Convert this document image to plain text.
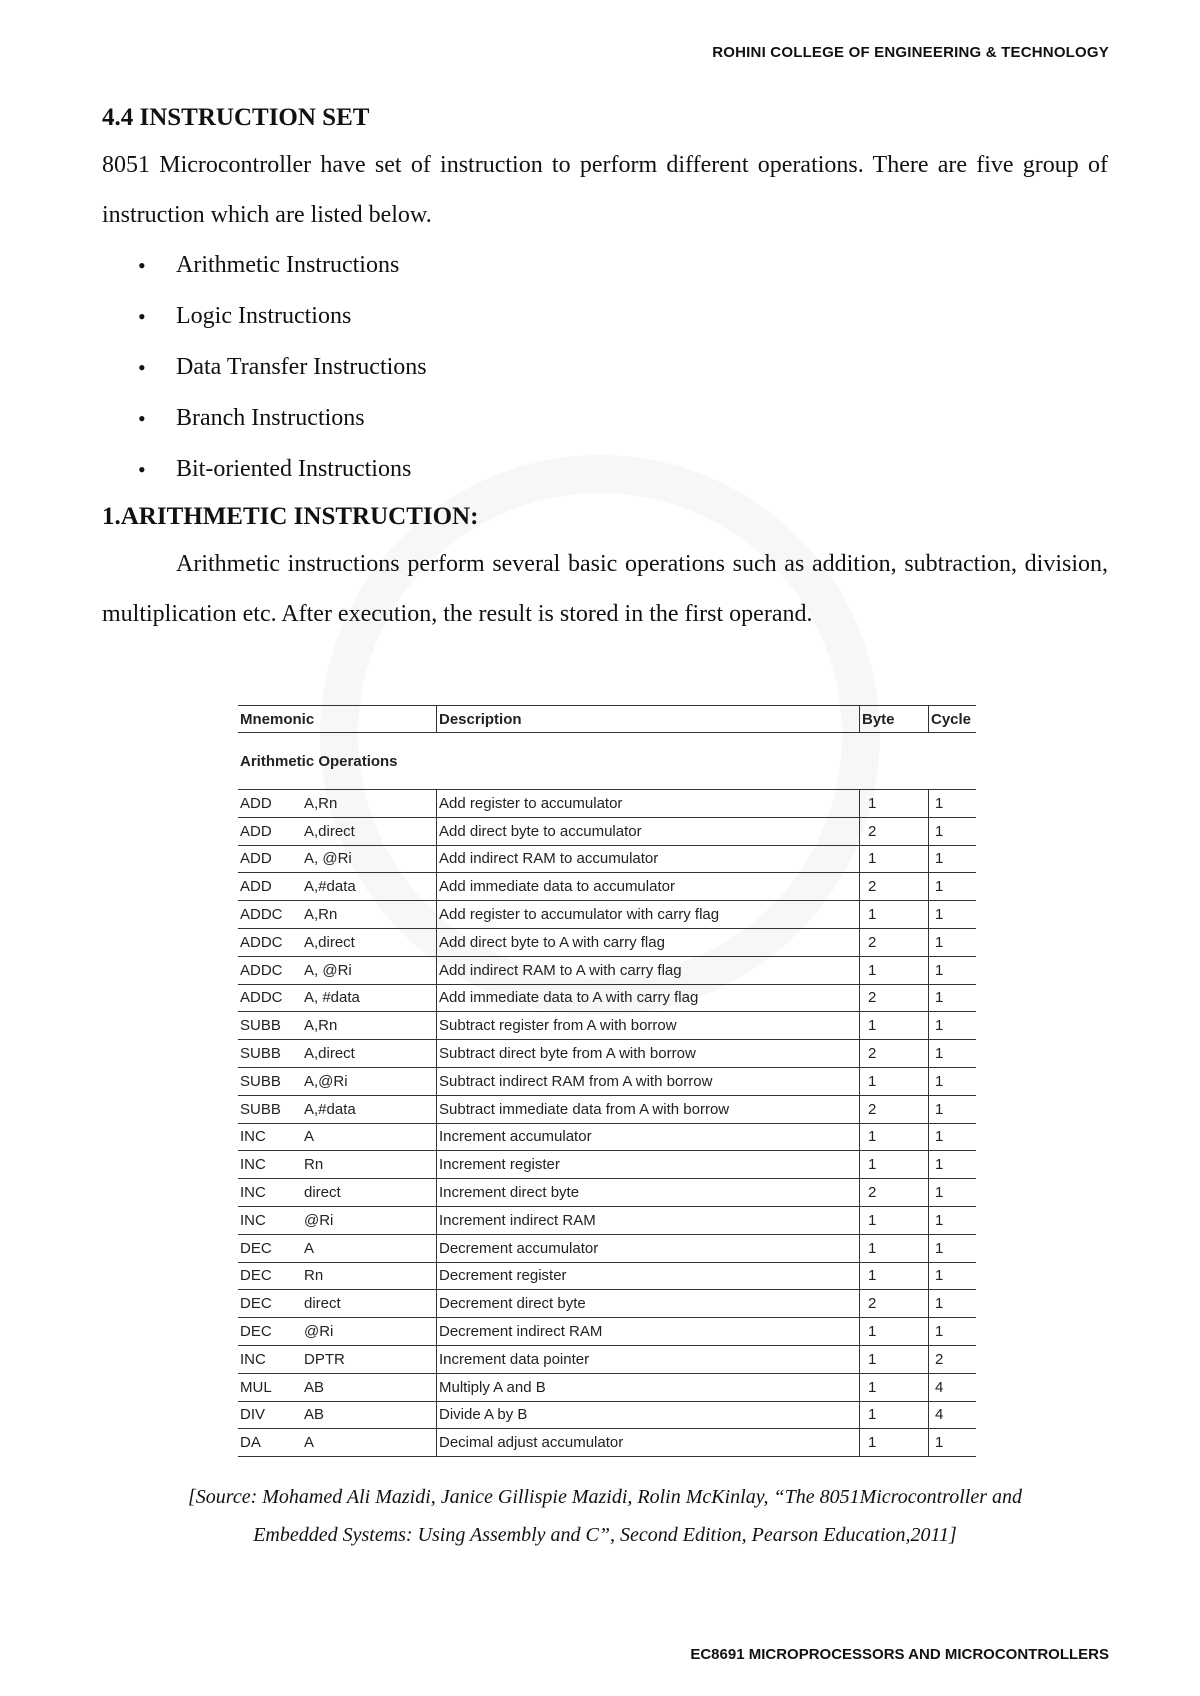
ROHINI COLLEGE OF ENGINEERING & TECHNOLOGY
4.4 INSTRUCTION SET

8051 Microcontroller have set of instruction to perform different operations. There are five group of instruction which are listed below.

• Arithmetic Instructions
• Logic Instructions
• Data Transfer Instructions
• Branch Instructions
• Bit-oriented Instructions
1.ARITHMETIC INSTRUCTION:

Arithmetic instructions perform several basic operations such as addition, subtraction, division, multiplication etc. After execution, the result is stored in the first operand.

Mnemonic		Description	Byte	Cycle
Arithmetic Operations				
ADD	A,Rn	Add register to accumulator	1	1
ADD	A,direct	Add direct byte to accumulator	2	1
ADD	A, @Ri	Add indirect RAM to accumulator	1	1
ADD	A,#data	Add immediate data to accumulator	2	1
ADDC	A,Rn	Add register to accumulator with carry flag	1	1
ADDC	A,direct	Add direct byte to A with carry flag	2	1
ADDC	A, @Ri	Add indirect RAM to A with carry flag	1	1
ADDC	A, #data	Add immediate data to A with carry flag	2	1
SUBB	A,Rn	Subtract register from A with borrow	1	1
SUBB	A,direct	Subtract direct byte from A with borrow	2	1
SUBB	A,@Ri	Subtract indirect RAM from A with borrow	1	1
SUBB	A,#data	Subtract immediate data from A with borrow	2	1
INC	A	Increment accumulator	1	1
INC	Rn	Increment register	1	1
INC	direct	Increment direct byte	2	1
INC	@Ri	Increment indirect RAM	1	1
DEC	A	Decrement accumulator	1	1
DEC	Rn	Decrement register	1	1
DEC	direct	Decrement direct byte	2	1
DEC	@Ri	Decrement indirect RAM	1	1
INC	DPTR	Increment data pointer	1	2
MUL	AB	Multiply A and B	1	4
DIV	AB	Divide A by B	1	4
DA	A	Decimal adjust accumulator	1	1
[Source: Mohamed Ali Mazidi, Janice Gillispie Mazidi, Rolin McKinlay, “The 8051Microcontroller and
Embedded Systems: Using Assembly and C”, Second Edition, Pearson Education,2011]
EC8691 MICROPROCESSORS AND MICROCONTROLLERS
